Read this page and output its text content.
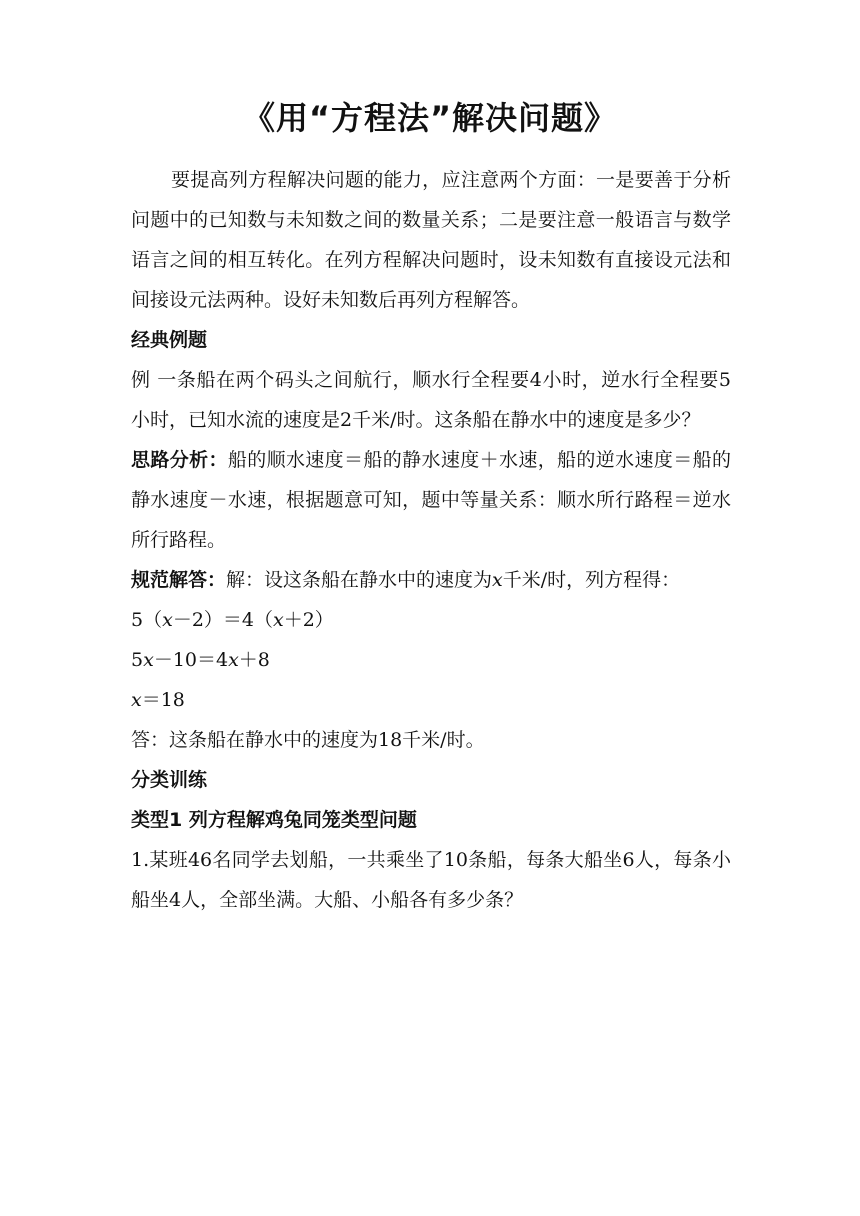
《用“方程法”解决问题》

要提高列方程解决问题的能力，应注意两个方面：一是要善于分析问题中的已知数与未知数之间的数量关系；二是要注意一般语言与数学语言之间的相互转化。在列方程解决问题时，设未知数有直接设元法和间接设元法两种。设好未知数后再列方程解答。

经典例题

例 一条船在两个码头之间航行，顺水行全程要4小时，逆水行全程要5小时，已知水流的速度是2千米/时。这条船在静水中的速度是多少？

思路分析：船的顺水速度＝船的静水速度＋水速，船的逆水速度＝船的静水速度－水速，根据题意可知，题中等量关系：顺水所行路程＝逆水所行路程。

规范解答：解：设这条船在静水中的速度为x千米/时，列方程得：

5（x－2）＝4（x＋2）

5x－10＝4x＋8

x＝18

答：这条船在静水中的速度为18千米/时。

分类训练

类型1 列方程解鸡兔同笼类型问题

1.某班46名同学去划船，一共乘坐了10条船，每条大船坐6人，每条小船坐4人，全部坐满。大船、小船各有多少条？
